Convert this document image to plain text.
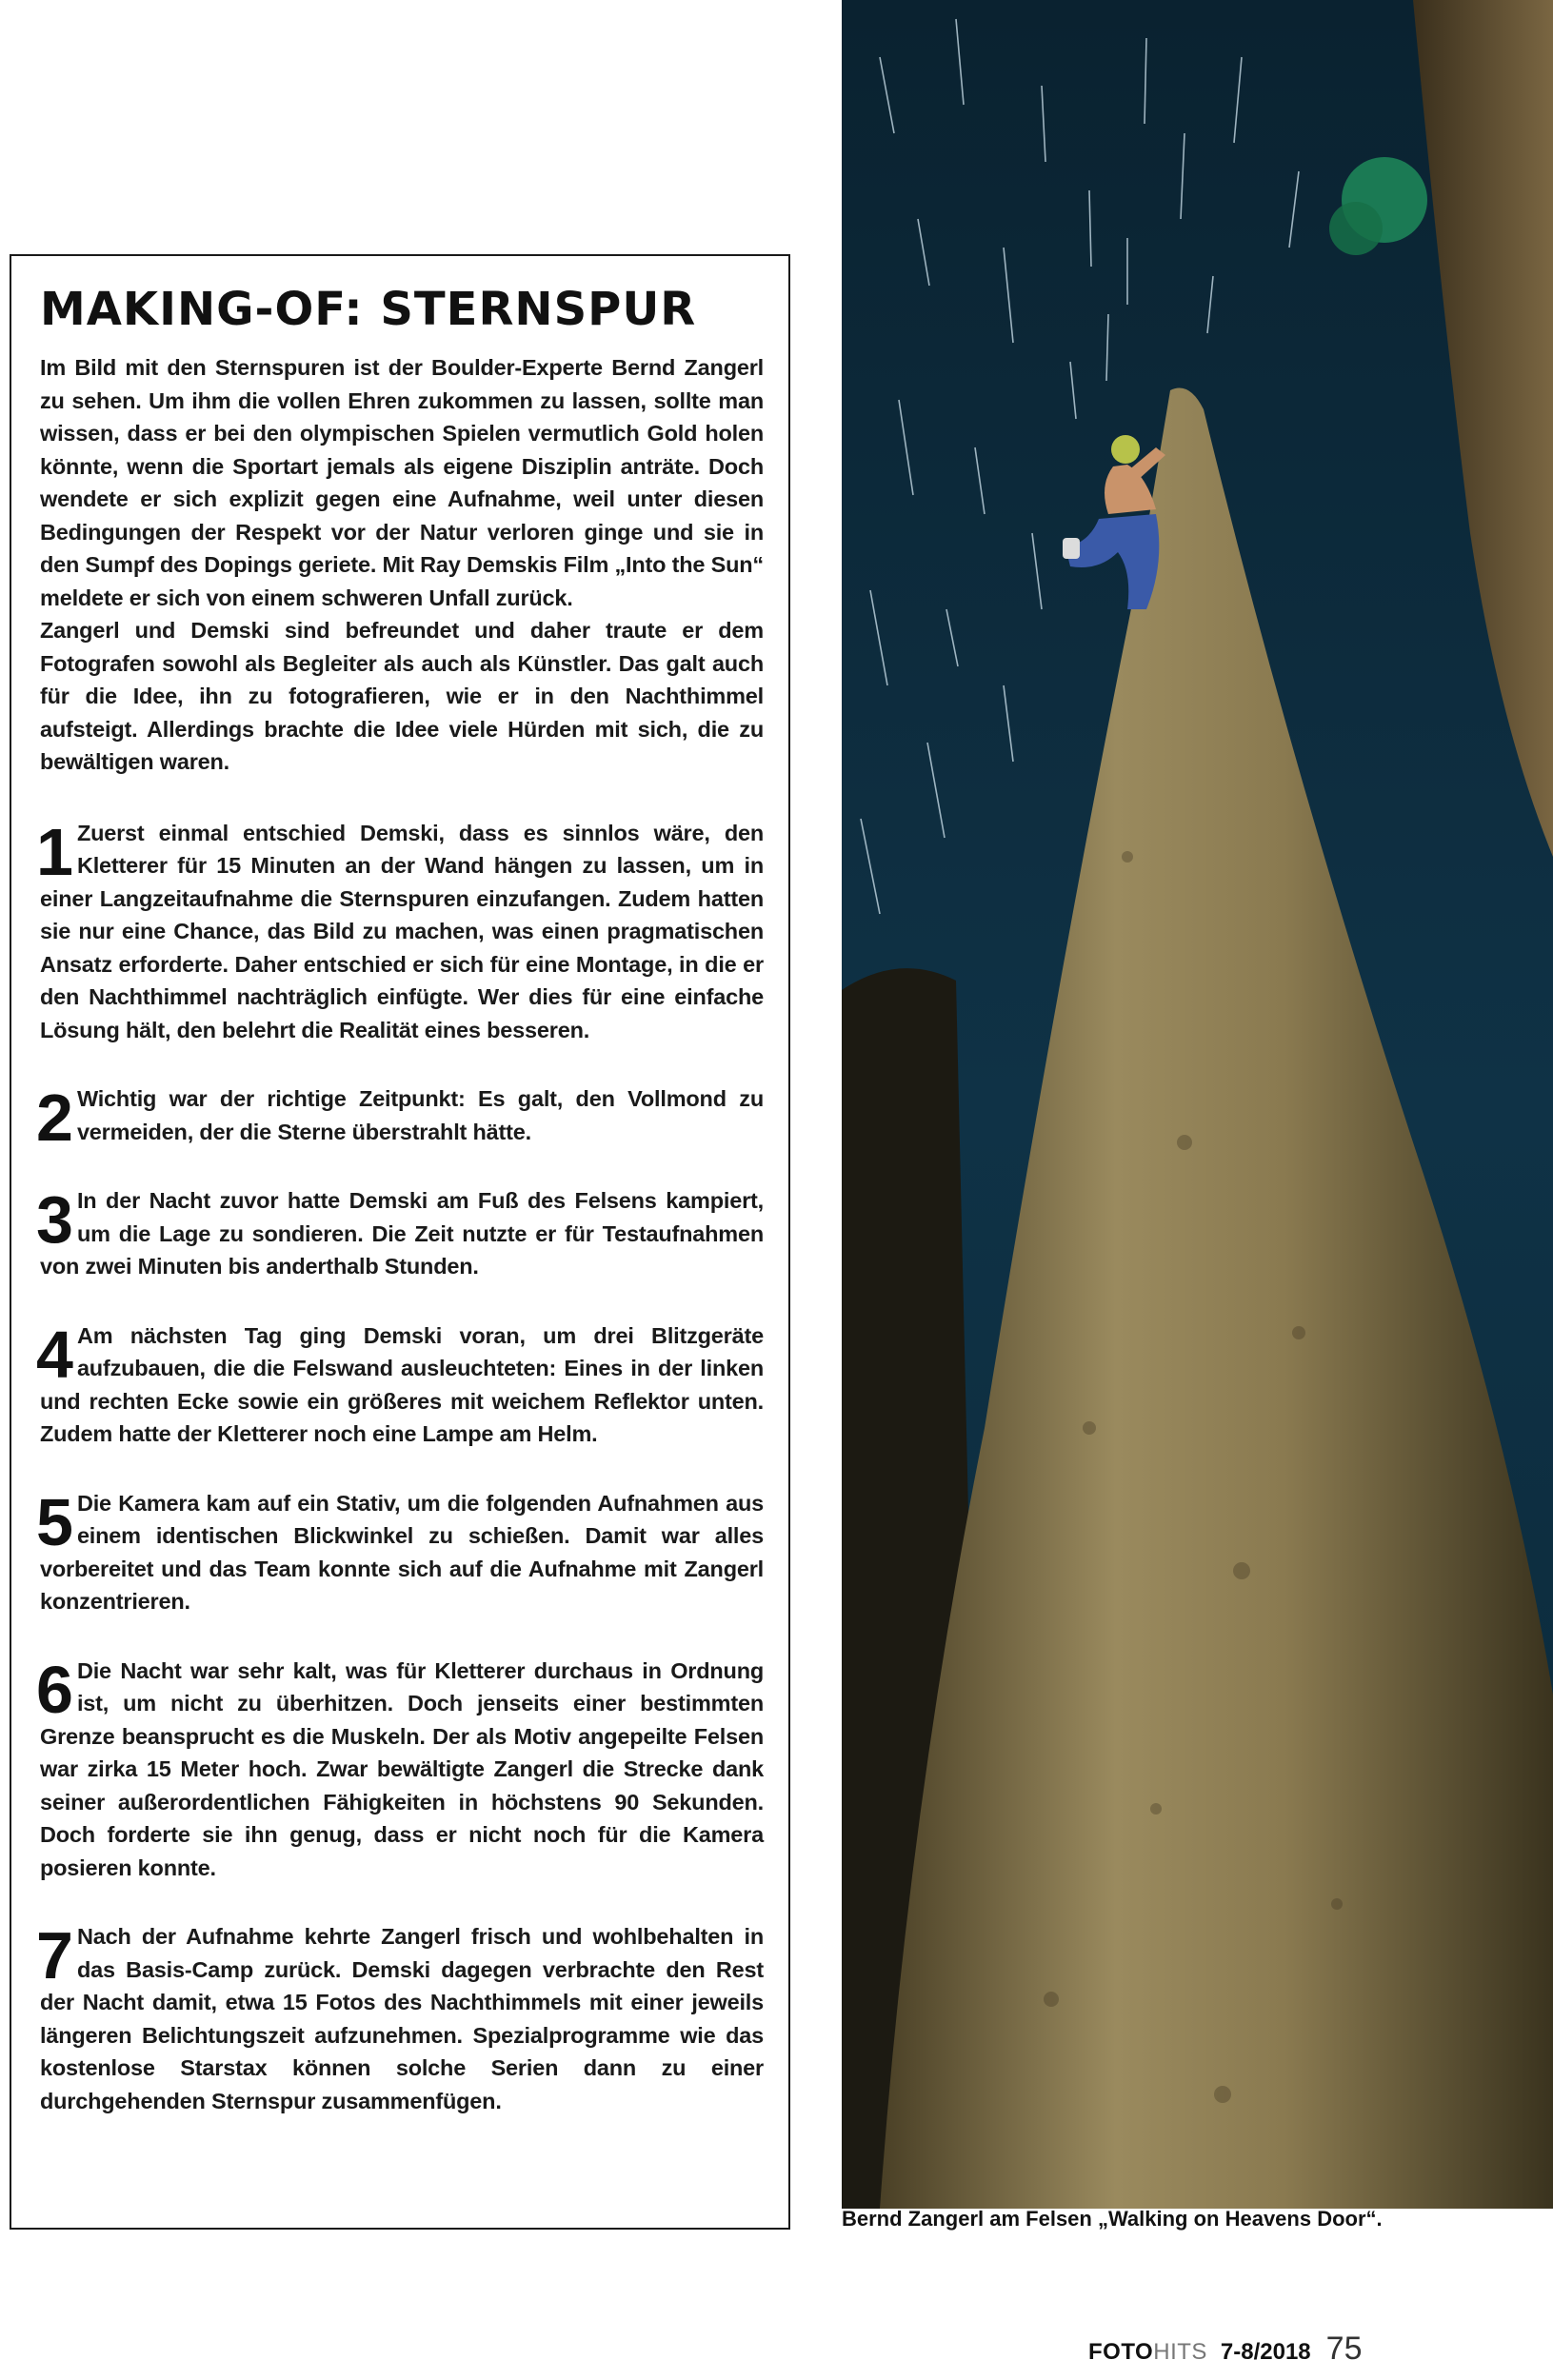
MAKING-OF: STERNSPUR

Im Bild mit den Sternspuren ist der Boulder-Experte Bernd Zangerl zu sehen. Um ihm die vollen Ehren zukommen zu lassen, sollte man wissen, dass er bei den olympischen Spielen vermutlich Gold holen könnte, wenn die Sportart jemals als eigene Disziplin anträte. Doch wendete er sich explizit gegen eine Aufnahme, weil unter diesen Bedingungen der Respekt vor der Natur verloren ginge und sie in den Sumpf des Dopings geriete. Mit Ray Demskis Film „Into the Sun“ meldete er sich von einem schweren Unfall zurück.

Zangerl und Demski sind befreundet und daher traute er dem Fotografen sowohl als Begleiter als auch als Künstler. Das galt auch für die Idee, ihn zu fotografieren, wie er in den Nachthimmel aufsteigt. Allerdings brachte die Idee viele Hürden mit sich, die zu bewältigen waren.

1 Zuerst einmal entschied Demski, dass es sinnlos wäre, den Kletterer für 15 Minuten an der Wand hängen zu lassen, um in einer Langzeitaufnahme die Sternspuren einzufangen. Zudem hatten sie nur eine Chance, das Bild zu machen, was einen pragmatischen Ansatz erforderte. Daher entschied er sich für eine Montage, in die er den Nachthimmel nachträglich einfügte. Wer dies für eine einfache Lösung hält, den belehrt die Realität eines besseren.

2 Wichtig war der richtige Zeitpunkt: Es galt, den Vollmond zu vermeiden, der die Sterne überstrahlt hätte.

3 In der Nacht zuvor hatte Demski am Fuß des Felsens kampiert, um die Lage zu sondieren. Die Zeit nutzte er für Testaufnahmen von zwei Minuten bis anderthalb Stunden.

4 Am nächsten Tag ging Demski voran, um drei Blitzgeräte aufzubauen, die die Felswand ausleuchteten: Eines in der linken und rechten Ecke sowie ein größeres mit weichem Reflektor unten. Zudem hatte der Kletterer noch eine Lampe am Helm.

5 Die Kamera kam auf ein Stativ, um die folgenden Aufnahmen aus einem identischen Blickwinkel zu schießen. Damit war alles vorbereitet und das Team konnte sich auf die Aufnahme mit Zangerl konzentrieren.

6 Die Nacht war sehr kalt, was für Kletterer durchaus in Ordnung ist, um nicht zu überhitzen. Doch jenseits einer bestimmten Grenze beansprucht es die Muskeln. Der als Motiv angepeilte Felsen war zirka 15 Meter hoch. Zwar bewältigte Zangerl die Strecke dank seiner außerordentlichen Fähigkeiten in höchstens 90 Sekunden. Doch forderte sie ihn genug, dass er nicht noch für die Kamera posieren konnte.

7 Nach der Aufnahme kehrte Zangerl frisch und wohlbehalten in das Basis-Camp zurück. Demski dagegen verbrachte den Rest der Nacht damit, etwa 15 Fotos des Nachthimmels mit einer jeweils längeren Belichtungszeit aufzunehmen. Spezialprogramme wie das kostenlose Starstax können solche Serien dann zu einer durchgehenden Sternspur zusammenfügen.

Bernd Zangerl am Felsen „Walking on Heavens Door“.
FOTO HITS 7-8/2018 75
